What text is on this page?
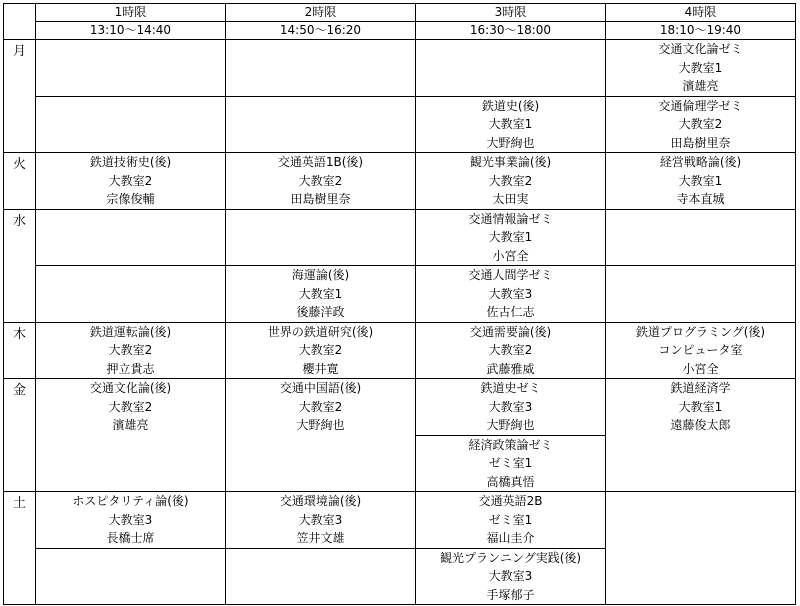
	1時限	2時限	3時限	4時限
	13:10～14:40	14:50～16:20	16:30～18:00	18:10～19:40
月				交通文化論ゼミ
大教室1
濱雄亮

			鉄道史(後)
大教室1
大野絢也	交通倫理学ゼミ
大教室2
田島樹里奈

火	鉄道技術史(後)
大教室2
宗像俊輔	交通英語1B(後)
大教室2
田島樹里奈	観光事業論(後)
大教室2
太田実	経営戦略論(後)
大教室1
寺本直城

水			交通情報論ゼミ
大教室1
小宮全	

		海運論(後)
大教室1
後藤洋政	交通人間学ゼミ
大教室3
佐古仁志	

木	鉄道運転論(後)
大教室2
押立貴志	世界の鉄道研究(後)
大教室2
櫻井寛	交通需要論(後)
大教室2
武藤雅威	鉄道プログラミング(後)
コンピュータ室
小宮全

金	交通文化論(後)
大教室2
濱雄亮	交通中国語(後)
大教室2
大野絢也	鉄道史ゼミ
大教室3
大野絢也	鉄道経済学
大教室1
遠藤俊太郎

			経済政策論ゼミ
ゼミ室1
高橋真悟	

土	ホスピタリティ論(後)
大教室3
長橋士席	交通環境論(後)
大教室3
笠井文雄	交通英語2B
ゼミ室1
福山圭介	

			観光プランニング実践(後)
大教室3
手塚郁子	
